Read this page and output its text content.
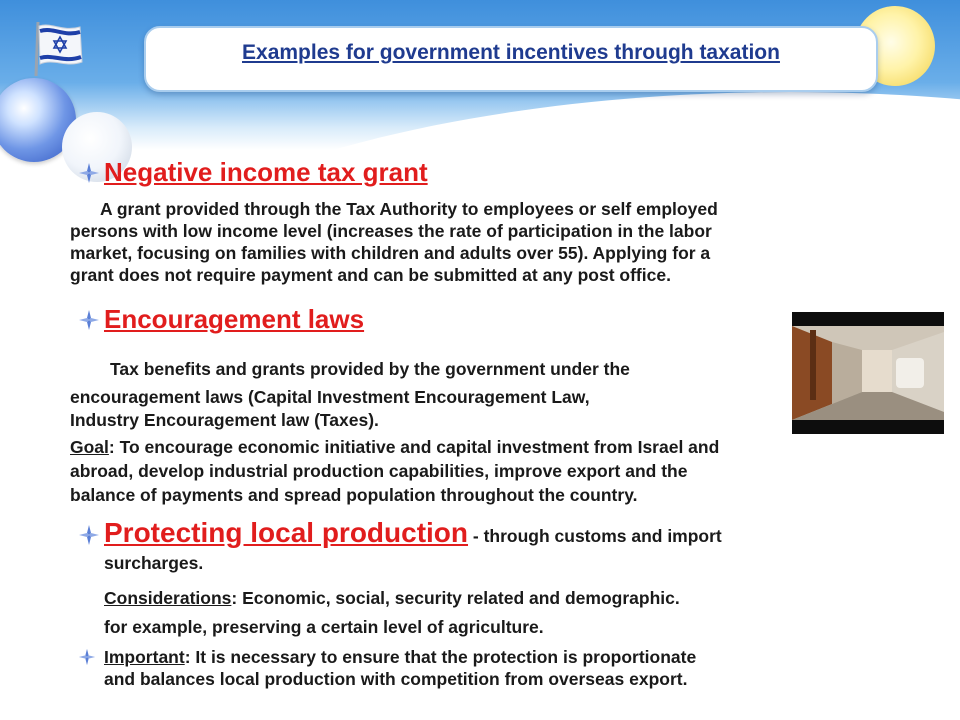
Examples for government incentives through taxation
Negative income tax grant
A grant provided through the Tax Authority to employees or self employed
persons with low income level (increases the rate of participation in the labor
market, focusing on families with children and adults over 55). Applying for a
grant does not require payment and can be submitted at any post office.
Encouragement laws
Tax benefits and grants provided by the government under the
encouragement laws (Capital Investment Encouragement Law,
Industry Encouragement law (Taxes).
Goal: To encourage economic initiative and capital investment from Israel and
abroad, develop industrial production capabilities, improve export and the
balance of payments and spread population throughout the country.
Protecting local production - through customs and import
surcharges.
Considerations: Economic, social, security related and demographic.
for example, preserving a certain level of agriculture.
Important: It is necessary to ensure that the protection is proportionate
and balances local production with competition from overseas export.
